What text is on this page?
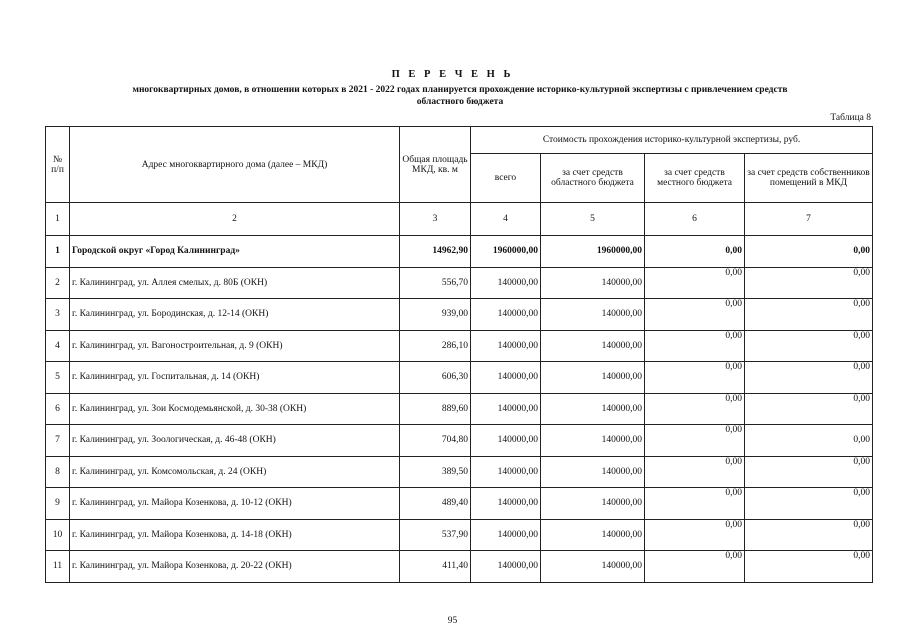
П Е Р Е Ч Е Н Ь
многоквартирных домов, в отношении которых в 2021 - 2022 годах планируется прохождение историко-культурной экспертизы с привлечением средств
областного бюджета
Таблица 8
№ п/п	Адрес многоквартирного дома (далее – МКД)	Общая площадь МКД, кв. м	Стоимость прохождения историко-культурной экспертизы, руб.			
			всего	за счет средств областного бюджета	за счет средств местного бюджета	за счет средств собственников помещений в МКД
1	2	3	4	5	6	7
1	Городской округ «Город Калининград»	14962,90	1960000,00	1960000,00	0,00	0,00
2	г. Калининград, ул. Аллея смелых, д. 80Б (ОКН)	556,70	140000,00	140000,00	0,00	0,00
3	г. Калининград, ул. Бородинская, д. 12-14 (ОКН)	939,00	140000,00	140000,00	0,00	0,00
4	г. Калининград, ул. Вагоностроительная, д. 9 (ОКН)	286,10	140000,00	140000,00	0,00	0,00
5	г. Калининград, ул. Госпитальная, д. 14 (ОКН)	606,30	140000,00	140000,00	0,00	0,00
6	г. Калининград, ул. Зои Космодемьянской, д. 30-38 (ОКН)	889,60	140000,00	140000,00	0,00	0,00
7	г. Калининград, ул. Зоологическая, д. 46-48 (ОКН)	704,80	140000,00	140000,00	0,00	0,00
8	г. Калининград, ул. Комсомольская, д. 24 (ОКН)	389,50	140000,00	140000,00	0,00	0,00
9	г. Калининград, ул. Майора Козенкова, д. 10-12 (ОКН)	489,40	140000,00	140000,00	0,00	0,00
10	г. Калининград, ул. Майора Козенкова, д. 14-18 (ОКН)	537,90	140000,00	140000,00	0,00	0,00
11	г. Калининград, ул. Майора Козенкова, д. 20-22 (ОКН)	411,40	140000,00	140000,00	0,00	0,00
95
